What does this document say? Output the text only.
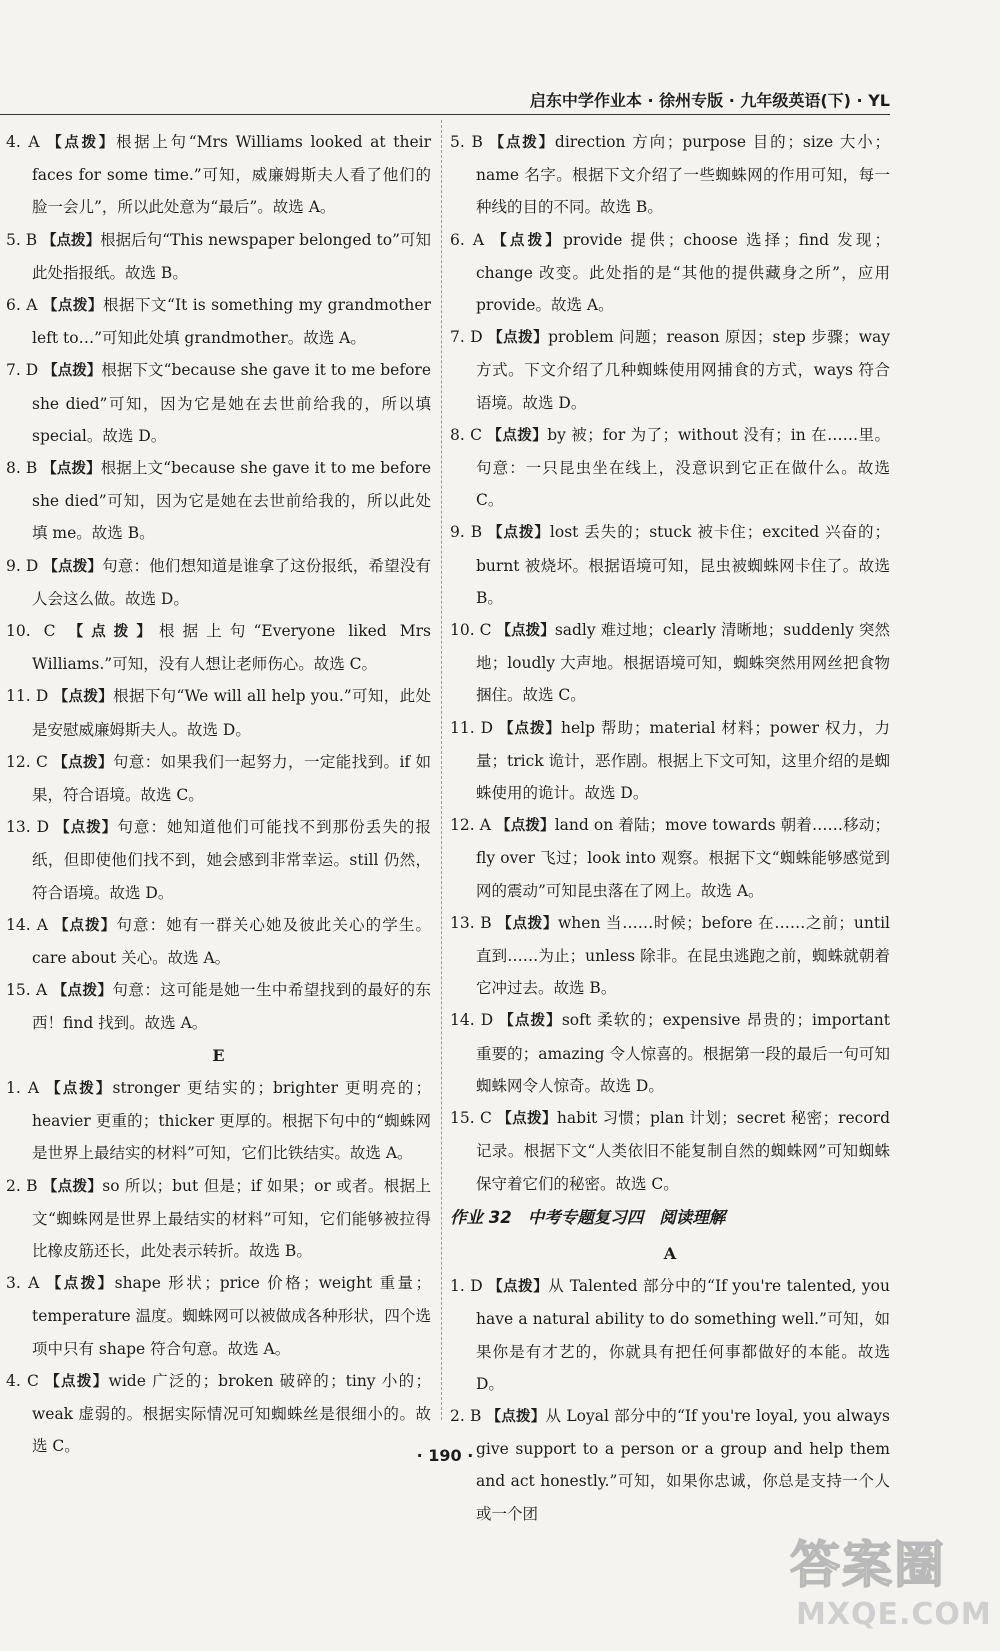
启东中学作业本 · 徐州专版 · 九年级英语(下) · YL

4. A 【点拨】根据上句“Mrs Williams looked at their faces for some time.”可知，威廉姆斯夫人看了他们的脸一会儿”，所以此处意为“最后”。故选 A。

5. B 【点拨】根据后句“This newspaper belonged to”可知此处指报纸。故选 B。

6. A 【点拨】根据下文“It is something my grandmother left to…”可知此处填 grandmother。故选 A。

7. D 【点拨】根据下文“because she gave it to me before she died”可知，因为它是她在去世前给我的，所以填 special。故选 D。

8. B 【点拨】根据上文“because she gave it to me before she died”可知，因为它是她在去世前给我的，所以此处填 me。故选 B。

9. D 【点拨】句意：他们想知道是谁拿了这份报纸，希望没有人会这么做。故选 D。

10. C 【点拨】根据上句“Everyone liked Mrs Williams.”可知，没有人想让老师伤心。故选 C。

11. D 【点拨】根据下句“We will all help you.”可知，此处是安慰威廉姆斯夫人。故选 D。

12. C 【点拨】句意：如果我们一起努力，一定能找到。if 如果，符合语境。故选 C。

13. D 【点拨】句意：她知道他们可能找不到那份丢失的报纸，但即使他们找不到，她会感到非常幸运。still 仍然，符合语境。故选 D。

14. A 【点拨】句意：她有一群关心她及彼此关心的学生。care about 关心。故选 A。

15. A 【点拨】句意：这可能是她一生中希望找到的最好的东西！find 找到。故选 A。

E

1. A 【点拨】stronger 更结实的；brighter 更明亮的；heavier 更重的；thicker 更厚的。根据下句中的“蜘蛛网是世界上最结实的材料”可知，它们比铁结实。故选 A。

2. B 【点拨】so 所以；but 但是；if 如果；or 或者。根据上文“蜘蛛网是世界上最结实的材料”可知，它们能够被拉得比橡皮筋还长，此处表示转折。故选 B。

3. A 【点拨】shape 形状；price 价格；weight 重量；temperature 温度。蜘蛛网可以被做成各种形状，四个选项中只有 shape 符合句意。故选 A。

4. C 【点拨】wide 广泛的；broken 破碎的；tiny 小的；weak 虚弱的。根据实际情况可知蜘蛛丝是很细小的。故选 C。

5. B 【点拨】direction 方向；purpose 目的；size 大小；name 名字。根据下文介绍了一些蜘蛛网的作用可知，每一种线的目的不同。故选 B。

6. A 【点拨】provide 提供；choose 选择；find 发现；change 改变。此处指的是“其他的提供藏身之所”，应用 provide。故选 A。

7. D 【点拨】problem 问题；reason 原因；step 步骤；way 方式。下文介绍了几种蜘蛛使用网捕食的方式，ways 符合语境。故选 D。

8. C 【点拨】by 被；for 为了；without 没有；in 在……里。句意：一只昆虫坐在线上，没意识到它正在做什么。故选 C。

9. B 【点拨】lost 丢失的；stuck 被卡住；excited 兴奋的；burnt 被烧坏。根据语境可知，昆虫被蜘蛛网卡住了。故选 B。

10. C 【点拨】sadly 难过地；clearly 清晰地；suddenly 突然地；loudly 大声地。根据语境可知，蜘蛛突然用网丝把食物捆住。故选 C。

11. D 【点拨】help 帮助；material 材料；power 权力，力量；trick 诡计，恶作剧。根据上下文可知，这里介绍的是蜘蛛使用的诡计。故选 D。

12. A 【点拨】land on 着陆；move towards 朝着……移动；fly over 飞过；look into 观察。根据下文“蜘蛛能够感觉到网的震动”可知昆虫落在了网上。故选 A。

13. B 【点拨】when 当……时候；before 在……之前；until 直到……为止；unless 除非。在昆虫逃跑之前，蜘蛛就朝着它冲过去。故选 B。

14. D 【点拨】soft 柔软的；expensive 昂贵的；important 重要的；amazing 令人惊喜的。根据第一段的最后一句可知蜘蛛网令人惊奇。故选 D。

15. C 【点拨】habit 习惯；plan 计划；secret 秘密；record 记录。根据下文“人类依旧不能复制自然的蜘蛛网”可知蜘蛛保守着它们的秘密。故选 C。

作业 32 中考专题复习四 阅读理解
A

1. D 【点拨】从 Talented 部分中的“If you're talented, you have a natural ability to do something well.”可知，如果你是有才艺的，你就具有把任何事都做好的本能。故选 D。

2. B 【点拨】从 Loyal 部分中的“If you're loyal, you always give support to a person or a group and help them and act honestly.”可知，如果你忠诚，你总是支持一个人或一个团

· 190 ·
答案圈
MXQE.COM
